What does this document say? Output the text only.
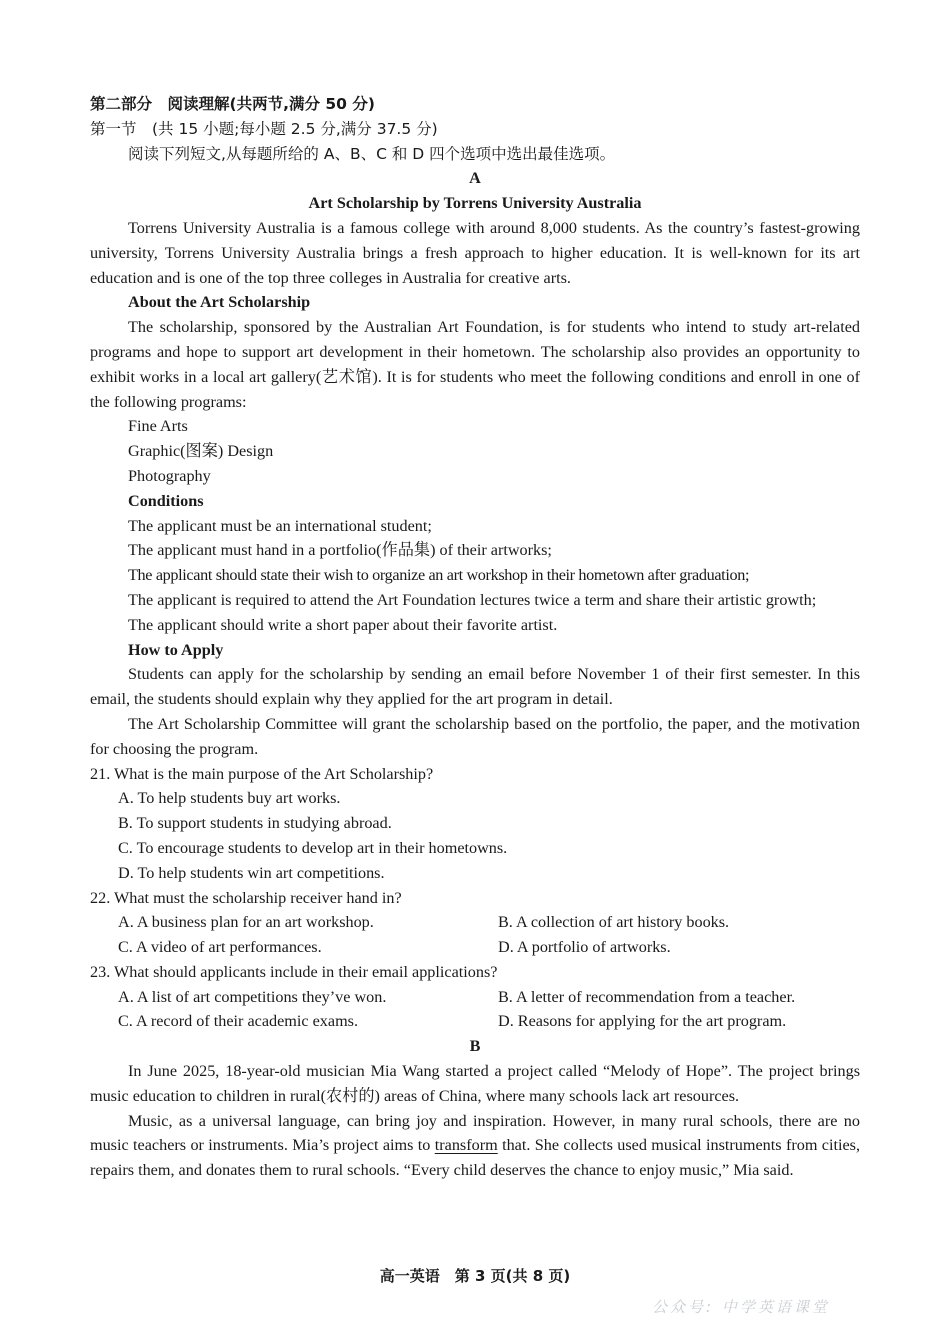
第二部分　阅读理解(共两节,满分 50 分)
第一节　(共 15 小题;每小题 2.5 分,满分 37.5 分)
阅读下列短文,从每题所给的 A、B、C 和 D 四个选项中选出最佳选项。
A
Art Scholarship by Torrens University Australia

Torrens University Australia is a famous college with around 8,000 students. As the country’s fastest-growing university, Torrens University Australia brings a fresh approach to higher education. It is well-known for its art education and is one of the top three colleges in Australia for creative arts.

About the Art Scholarship

The scholarship, sponsored by the Australian Art Foundation, is for students who intend to study art-related programs and hope to support art development in their hometown. The scholarship also provides an opportunity to exhibit works in a local art gallery(艺术馆). It is for students who meet the following conditions and enroll in one of the following programs:

Fine Arts
Graphic(图案) Design
Photography
Conditions
The applicant must be an international student;
The applicant must hand in a portfolio(作品集) of their artworks;
The applicant should state their wish to organize an art workshop in their hometown after graduation;

The applicant is required to attend the Art Foundation lectures twice a term and share their artistic growth;

The applicant should write a short paper about their favorite artist.
How to Apply

Students can apply for the scholarship by sending an email before November 1 of their first semester. In this email, the students should explain why they applied for the art program in detail.

The Art Scholarship Committee will grant the scholarship based on the portfolio, the paper, and the motivation for choosing the program.

21. What is the main purpose of the Art Scholarship?
A. To help students buy art works.
B. To support students in studying abroad.
C. To encourage students to develop art in their hometowns.
D. To help students win art competitions.
22. What must the scholarship receiver hand in?
A. A business plan for an art workshop.	B. A collection of art history books.
C. A video of art performances.	D. A portfolio of artworks.
23. What should applicants include in their email applications?
A. A list of art competitions they’ve won.	B. A letter of recommendation from a teacher.
C. A record of their academic exams.	D. Reasons for applying for the art program.
B

In June 2025, 18-year-old musician Mia Wang started a project called “Melody of Hope”. The project brings music education to children in rural(农村的) areas of China, where many schools lack art resources.

Music, as a universal language, can bring joy and inspiration. However, in many rural schools, there are no music teachers or instruments. Mia’s project aims to transform that. She collects used musical instruments from cities, repairs them, and donates them to rural schools. “Every child deserves the chance to enjoy music,” Mia said.

高一英语　第 3 页(共 8 页)
公众号: 中学英语课堂
